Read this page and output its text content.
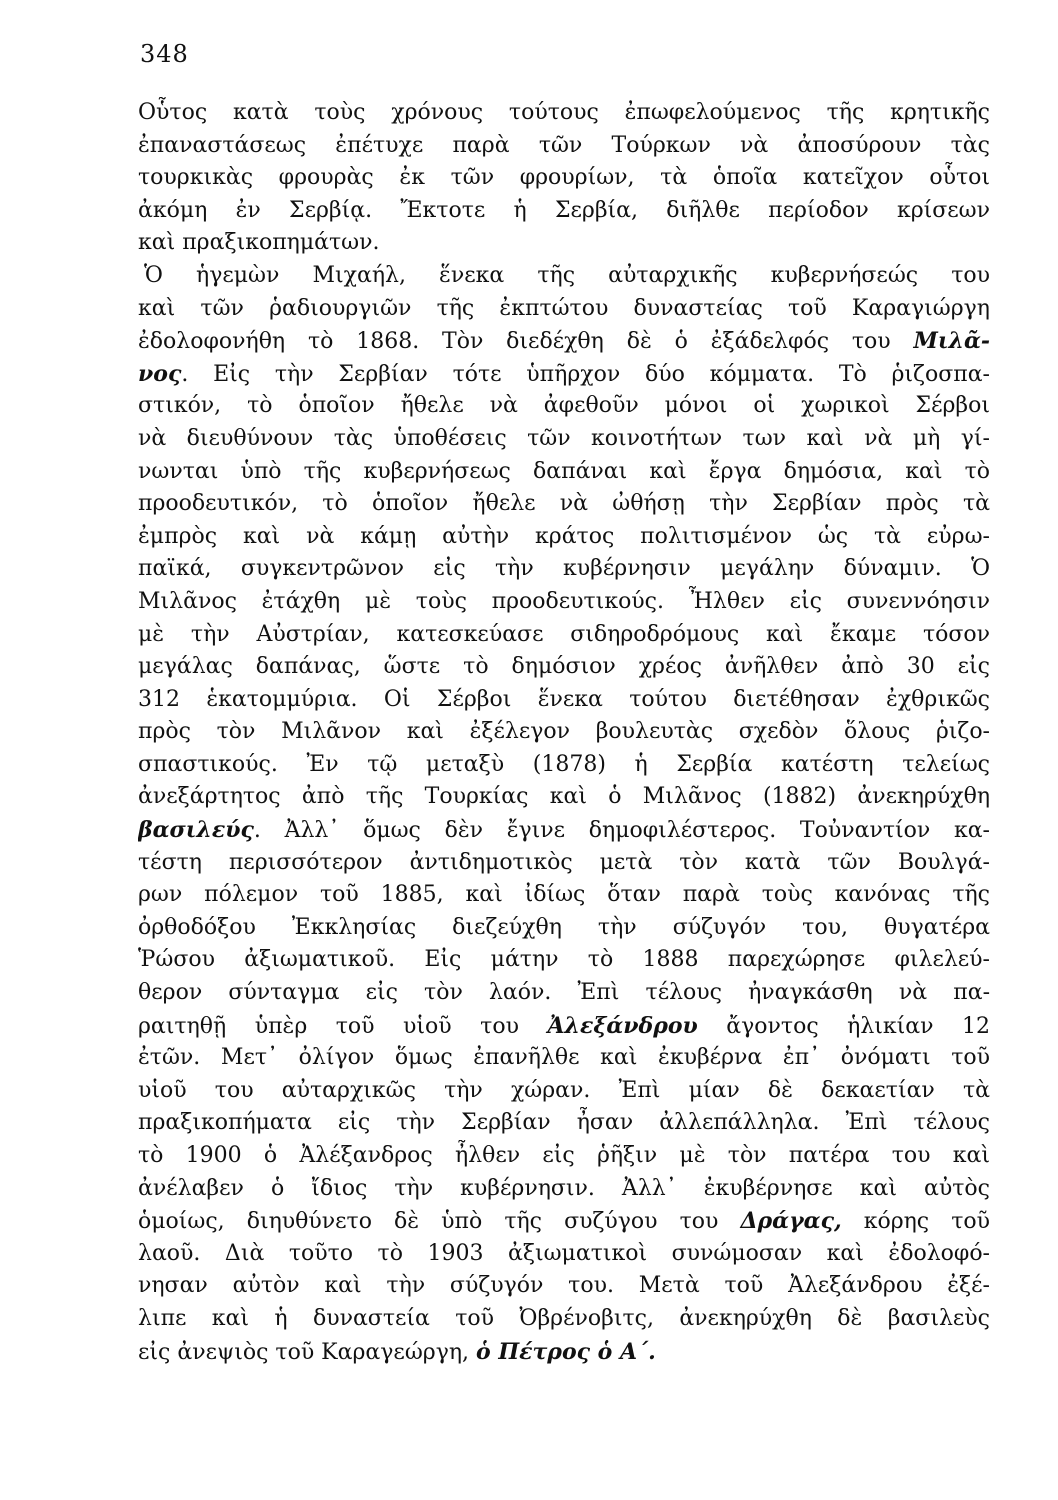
348
Οὗτος κατὰ τοὺς χρόνους τούτους ἐπωφελούμενος τῆς κρητικῆς
ἐπαναστάσεως ἐπέτυχε παρὰ τῶν Τούρκων νὰ ἀποσύρουν τὰς
τουρκικὰς φρουρὰς ἐκ τῶν φρουρίων, τὰ ὁποῖα κατεῖχον οὗτοι
ἀκόμη ἐν Σερβίᾳ. Ἔκτοτε ἡ Σερβία, διῆλθε περίοδον κρίσεων
καὶ πραξικοπημάτων.
Ὁ ἡγεμὼν Μιχαήλ, ἕνεκα τῆς αὐταρχικῆς κυβερνήσεώς του
καὶ τῶν ῥαδιουργιῶν τῆς ἐκπτώτου δυναστείας τοῦ Καραγιώργη
ἐδολοφονήθη τὸ 1868. Τὸν διεδέχθη δὲ ὁ ἐξάδελφός του Μιλᾶ-
νος. Εἰς τὴν Σερβίαν τότε ὑπῆρχον δύο κόμματα. Τὸ ῥιζοσπα-
στικόν, τὸ ὁποῖον ἤθελε νὰ ἀφεθοῦν μόνοι οἱ χωρικοὶ Σέρβοι
νὰ διευθύνουν τὰς ὑποθέσεις τῶν κοινοτήτων των καὶ νὰ μὴ γί-
νωνται ὑπὸ τῆς κυβερνήσεως δαπάναι καὶ ἔργα δημόσια, καὶ τὸ
προοδευτικόν, τὸ ὁποῖον ἤθελε νὰ ὠθήσῃ τὴν Σερβίαν πρὸς τὰ
ἐμπρὸς καὶ νὰ κάμῃ αὐτὴν κράτος πολιτισμένον ὡς τὰ εὐρω-
παϊκά, συγκεντρῶνον εἰς τὴν κυβέρνησιν μεγάλην δύναμιν. Ὁ
Μιλᾶνος ἐτάχθη μὲ τοὺς προοδευτικούς. Ἦλθεν εἰς συνεννόησιν
μὲ τὴν Αὐστρίαν, κατεσκεύασε σιδηροδρόμους καὶ ἔκαμε τόσον
μεγάλας δαπάνας, ὥστε τὸ δημόσιον χρέος ἀνῆλθεν ἀπὸ 30 εἰς
312 ἑκατομμύρια. Οἱ Σέρβοι ἕνεκα τούτου διετέθησαν ἐχθρικῶς
πρὸς τὸν Μιλᾶνον καὶ ἐξέλεγον βουλευτὰς σχεδὸν ὅλους ῥιζο-
σπαστικούς. Ἐν τῷ μεταξὺ (1878) ἡ Σερβία κατέστη τελείως
ἀνεξάρτητος ἀπὸ τῆς Τουρκίας καὶ ὁ Μιλᾶνος (1882) ἀνεκηρύχθη
βασιλεύς. Ἀλλ᾽ ὅμως δὲν ἔγινε δημοφιλέστερος. Τοὐναντίον κα-
τέστη περισσότερον ἀντιδημοτικὸς μετὰ τὸν κατὰ τῶν Βουλγά-
ρων πόλεμον τοῦ 1885, καὶ ἰδίως ὅταν παρὰ τοὺς κανόνας τῆς
ὀρθοδόξου Ἐκκλησίας διεζεύχθη τὴν σύζυγόν του, θυγατέρα
Ῥώσου ἀξιωματικοῦ. Εἰς μάτην τὸ 1888 παρεχώρησε φιλελεύ-
θερον σύνταγμα εἰς τὸν λαόν. Ἐπὶ τέλους ἠναγκάσθη νὰ πα-
ραιτηθῇ ὑπὲρ τοῦ υἱοῦ του Ἀλεξάνδρου ἄγοντος ἡλικίαν 12
ἐτῶν. Μετ᾽ ὀλίγον ὅμως ἐπανῆλθε καὶ ἐκυβέρνα ἐπ᾽ ὀνόματι τοῦ
υἱοῦ του αὐταρχικῶς τὴν χώραν. Ἐπὶ μίαν δὲ δεκαετίαν τὰ
πραξικοπήματα εἰς τὴν Σερβίαν ἦσαν ἀλλεπάλληλα. Ἐπὶ τέλους
τὸ 1900 ὁ Ἀλέξανδρος ἦλθεν εἰς ῥῆξιν μὲ τὸν πατέρα του καὶ
ἀνέλαβεν ὁ ἴδιος τὴν κυβέρνησιν. Ἀλλ᾽ ἐκυβέρνησε καὶ αὐτὸς
ὁμοίως, διηυθύνετο δὲ ὑπὸ τῆς συζύγου του Δράγας, κόρης τοῦ
λαοῦ. Διὰ τοῦτο τὸ 1903 ἀξιωματικοὶ συνώμοσαν καὶ ἐδολοφό-
νησαν αὐτὸν καὶ τὴν σύζυγόν του. Μετὰ τοῦ Ἀλεξάνδρου ἐξέ-
λιπε καὶ ἡ δυναστεία τοῦ Ὀβρένοβιτς, ἀνεκηρύχθη δὲ βασιλεὺς
εἰς ἀνεψιὸς τοῦ Καραγεώργη, ὁ Πέτρος ὁ Α΄.
